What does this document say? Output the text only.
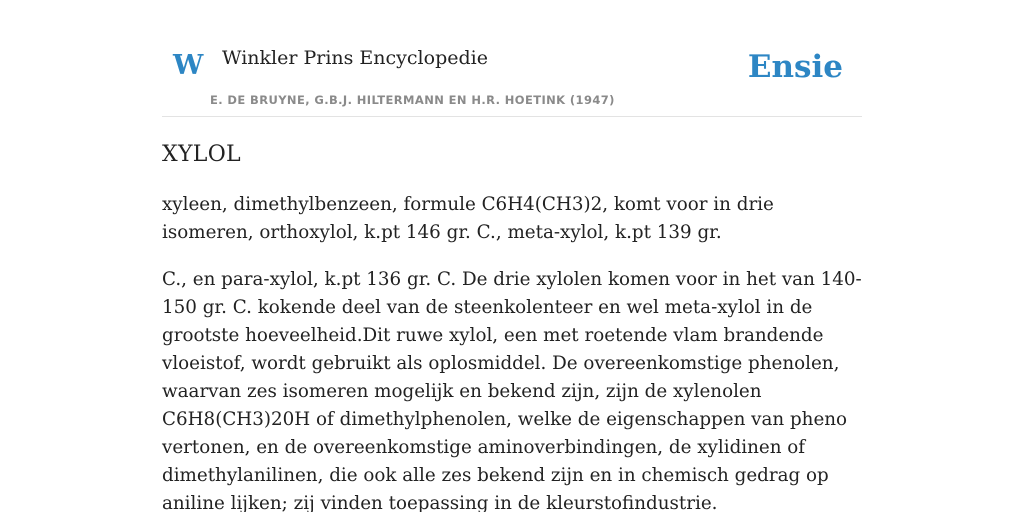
W Winkler Prins Encyclopedie
E. DE BRUYNE, G.B.J. HILTERMANN EN H.R. HOETINK (1947)
Ensie
XYLOL

xyleen, dimethylbenzeen, formule C6H4(CH3)2, komt voor in drie isomeren, orthoxylol, k.pt 146 gr. C., meta-xylol, k.pt 139 gr.

C., en para-xylol, k.pt 136 gr. C. De drie xylolen komen voor in het van 140-150 gr. C. kokende deel van de steenkolenteer en wel meta-xylol in de grootste hoeveelheid.Dit ruwe xylol, een met roetende vlam brandende vloeistof, wordt gebruikt als oplosmiddel. De overeenkomstige phenolen, waarvan zes isomeren mogelijk en bekend zijn, zijn de xylenolen C6H8(CH3)20H of dimethylphenolen, welke de eigenschappen van pheno vertonen, en de overeenkomstige aminoverbindingen, de xylidinen of dimethylanilinen, die ook alle zes bekend zijn en in chemisch gedrag op aniline lijken; zij vinden toepassing in de kleurstofindustrie.
